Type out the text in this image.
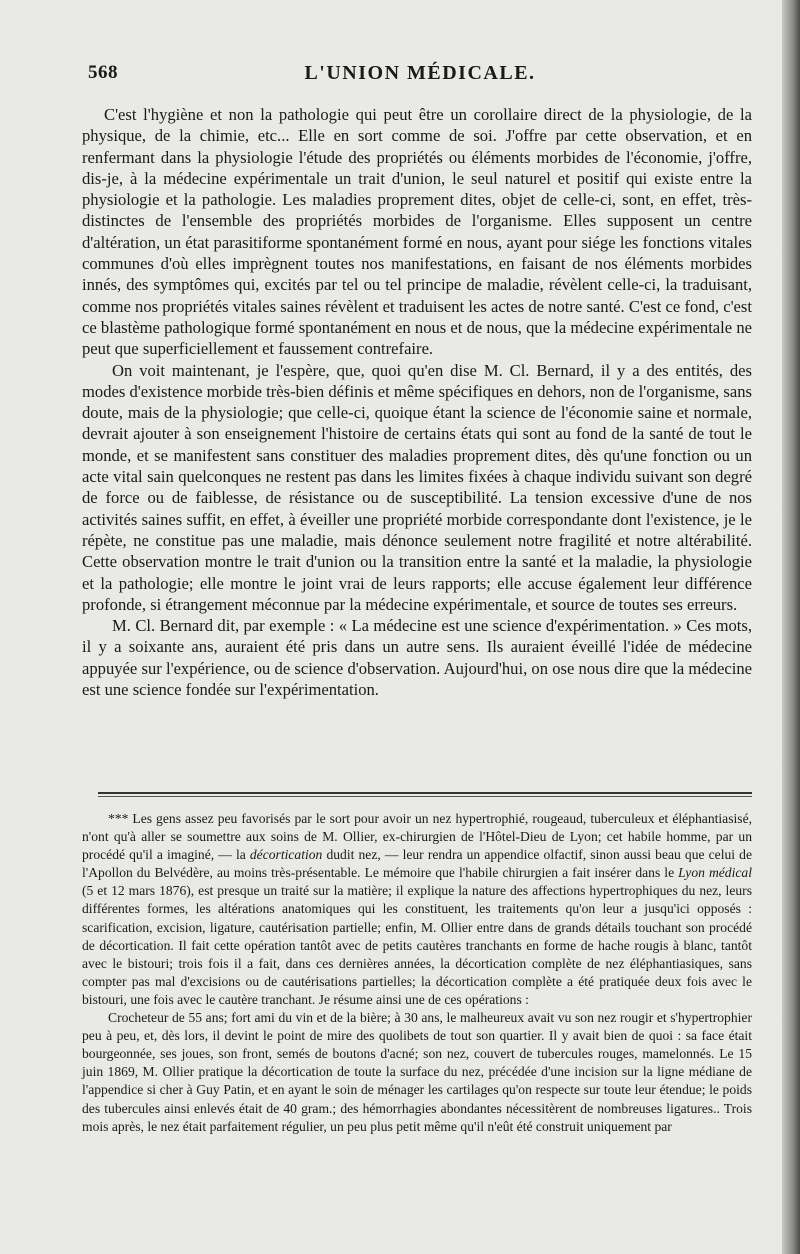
568	L'UNION MÉDICALE.

C'est l'hygiène et non la pathologie qui peut être un corollaire direct de la physiologie, de la physique, de la chimie, etc... Elle en sort comme de soi. J'offre par cette observation, et en renfermant dans la physiologie l'étude des propriétés ou éléments morbides de l'économie, j'offre, dis-je, à la médecine expérimentale un trait d'union, le seul naturel et positif qui existe entre la physiologie et la pathologie. Les maladies proprement dites, objet de celle-ci, sont, en effet, très-distinctes de l'ensemble des propriétés morbides de l'organisme. Elles supposent un centre d'altération, un état parasitiforme spontanément formé en nous, ayant pour siége les fonctions vitales communes d'où elles imprègnent toutes nos manifestations, en faisant de nos éléments morbides innés, des symptômes qui, excités par tel ou tel principe de maladie, révèlent celle-ci, la traduisant, comme nos propriétés vitales saines révèlent et traduisent les actes de notre santé. C'est ce fond, c'est ce blastème pathologique formé spontanément en nous et de nous, que la médecine expérimentale ne peut que superficiellement et faussement contrefaire.

On voit maintenant, je l'espère, que, quoi qu'en dise M. Cl. Bernard, il y a des entités, des modes d'existence morbide très-bien définis et même spécifiques en dehors, non de l'organisme, sans doute, mais de la physiologie; que celle-ci, quoique étant la science de l'économie saine et normale, devrait ajouter à son enseignement l'histoire de certains états qui sont au fond de la santé de tout le monde, et se manifestent sans constituer des maladies proprement dites, dès qu'une fonction ou un acte vital sain quelconques ne restent pas dans les limites fixées à chaque individu suivant son degré de force ou de faiblesse, de résistance ou de susceptibilité. La tension excessive d'une de nos activités saines suffit, en effet, à éveiller une propriété morbide correspondante dont l'existence, je le répète, ne constitue pas une maladie, mais dénonce seulement notre fragilité et notre altérabilité. Cette observation montre le trait d'union ou la transition entre la santé et la maladie, la physiologie et la pathologie; elle montre le joint vrai de leurs rapports; elle accuse également leur différence profonde, si étrangement méconnue par la médecine expérimentale, et source de toutes ses erreurs.

M. Cl. Bernard dit, par exemple : « La médecine est une science d'expérimentation. » Ces mots, il y a soixante ans, auraient été pris dans un autre sens. Ils auraient éveillé l'idée de médecine appuyée sur l'expérience, ou de science d'observation. Aujourd'hui, on ose nous dire que la médecine est une science fondée sur l'expérimentation.

*** Les gens assez peu favorisés par le sort pour avoir un nez hypertrophié, rougeaud, tuberculeux et éléphantiasisé, n'ont qu'à aller se soumettre aux soins de M. Ollier, ex-chirurgien de l'Hôtel-Dieu de Lyon; cet habile homme, par un procédé qu'il a imaginé, — la décortication dudit nez, — leur rendra un appendice olfactif, sinon aussi beau que celui de l'Apollon du Belvédère, au moins très-présentable. Le mémoire que l'habile chirurgien a fait insérer dans le Lyon médical (5 et 12 mars 1876), est presque un traité sur la matière; il explique la nature des affections hypertrophiques du nez, leurs différentes formes, les altérations anatomiques qui les constituent, les traitements qu'on leur a jusqu'ici opposés : scarification, excision, ligature, cautérisation partielle; enfin, M. Ollier entre dans de grands détails touchant son procédé de décortication. Il fait cette opération tantôt avec de petits cautères tranchants en forme de hache rougis à blanc, tantôt avec le bistouri; trois fois il a fait, dans ces dernières années, la décortication complète de nez éléphantiasiques, sans compter pas mal d'excisions ou de cautérisations partielles; la décortication complète a été pratiquée deux fois avec le bistouri, une fois avec le cautère tranchant. Je résume ainsi une de ces opérations :

Crocheteur de 55 ans; fort ami du vin et de la bière; à 30 ans, le malheureux avait vu son nez rougir et s'hypertrophier peu à peu, et, dès lors, il devint le point de mire des quolibets de tout son quartier. Il y avait bien de quoi : sa face était bourgeonnée, ses joues, son front, semés de boutons d'acné; son nez, couvert de tubercules rouges, mamelonnés. Le 15 juin 1869, M. Ollier pratique la décortication de toute la surface du nez, précédée d'une incision sur la ligne médiane de l'appendice si cher à Guy Patin, et en ayant le soin de ménager les cartilages qu'on respecte sur toute leur étendue; le poids des tubercules ainsi enlevés était de 40 gram.; des hémorrhagies abondantes nécessitèrent de nombreuses ligatures.. Trois mois après, le nez était parfaitement régulier, un peu plus petit même qu'il n'eût été construit uniquement par
